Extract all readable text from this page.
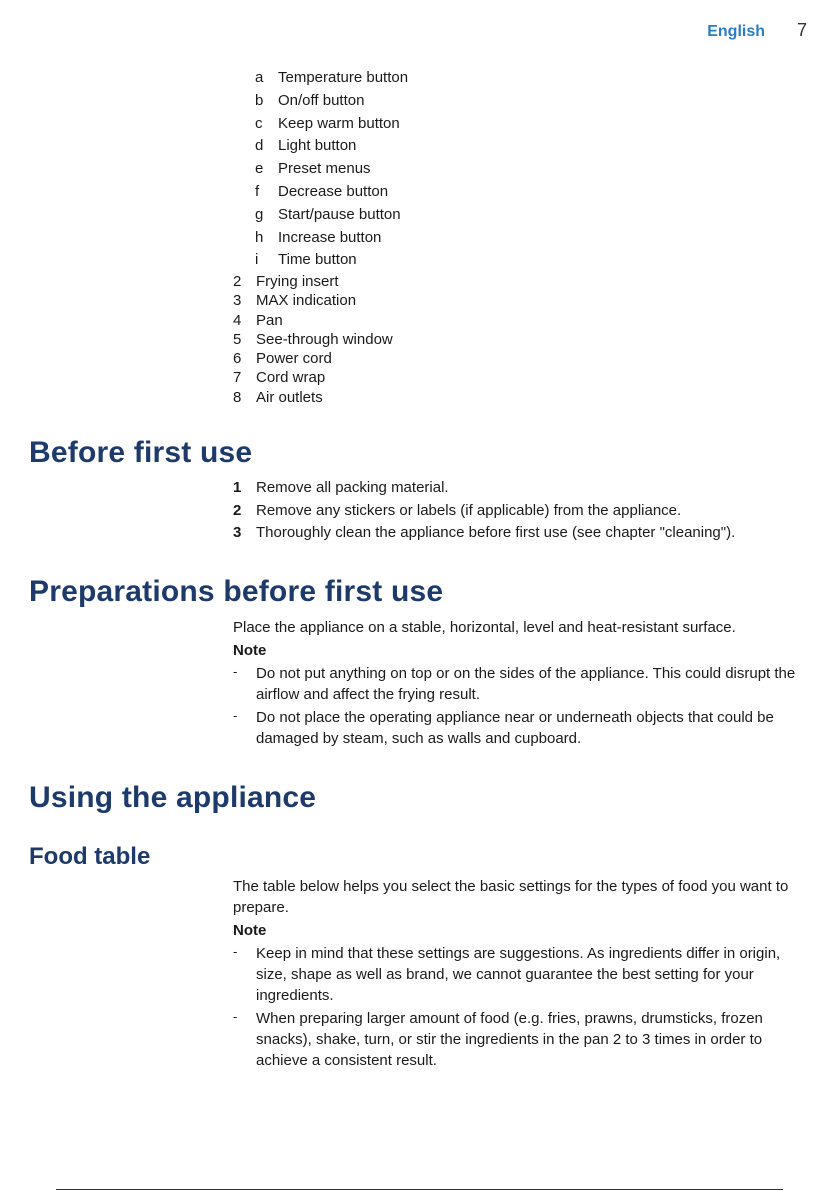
English 7
a Temperature button
b On/off button
c	Keep warm button
d Light button
e Preset menus
f	Decrease button
g Start/pause button
h Increase button
i	Time button
2 Frying insert
3 MAX indication
4 Pan
5 See-through window
6 Power cord
7 Cord wrap
8 Air outlets
Before first use
1 Remove all packing material.
2 Remove any stickers or labels (if applicable) from the appliance.
3 Thoroughly clean the appliance before first use (see chapter "cleaning").
Preparations before first use

Place the appliance on a stable, horizontal, level and heat-resistant surface.

Note

-	Do not put anything on top or on the sides of the appliance. This could disrupt the airflow and affect the frying result.
-	Do not place the operating appliance near or underneath objects that could be damaged by steam, such as walls and cupboard.
Using the appliance
Food table

The table below helps you select the basic settings for the types of food you want to prepare.

Note

-	Keep in mind that these settings are suggestions. As ingredients differ in origin, size, shape as well as brand, we cannot guarantee the best setting for your ingredients.
-	When preparing larger amount of food (e.g. fries, prawns, drumsticks, frozen snacks), shake, turn, or stir the ingredients in the pan 2 to 3 times in order to achieve a consistent result.
